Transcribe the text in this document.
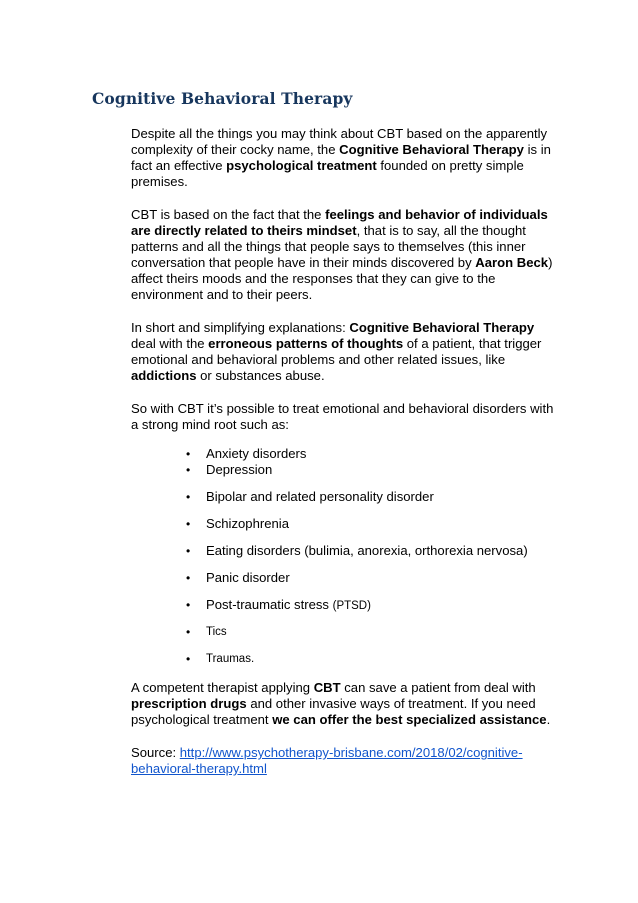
Cognitive Behavioral Therapy

Despite all the things you may think about CBT based on the apparently complexity of their cocky name, the Cognitive Behavioral Therapy is in fact an effective psychological treatment founded on pretty simple premises.

CBT is based on the fact that the feelings and behavior of individuals are directly related to theirs mindset, that is to say, all the thought patterns and all the things that people says to themselves (this inner conversation that people have in their minds discovered by Aaron Beck) affect theirs moods and the responses that they can give to the environment and to their peers.

In short and simplifying explanations: Cognitive Behavioral Therapy deal with the erroneous patterns of thoughts of a patient, that trigger emotional and behavioral problems and other related issues, like addictions or substances abuse.

So with CBT it’s possible to treat emotional and behavioral disorders with a strong mind root such as:

• Anxiety disorders
• Depression
• Bipolar and related personality disorder
• Schizophrenia
• Eating disorders (bulimia, anorexia, orthorexia nervosa)
• Panic disorder
• Post-traumatic stress (PTSD)
• Tics
• Traumas.

A competent therapist applying CBT can save a patient from deal with prescription drugs and other invasive ways of treatment. If you need psychological treatment we can offer the best specialized assistance.

Source: http://www.psychotherapy-brisbane.com/2018/02/cognitive-
behavioral-therapy.html
